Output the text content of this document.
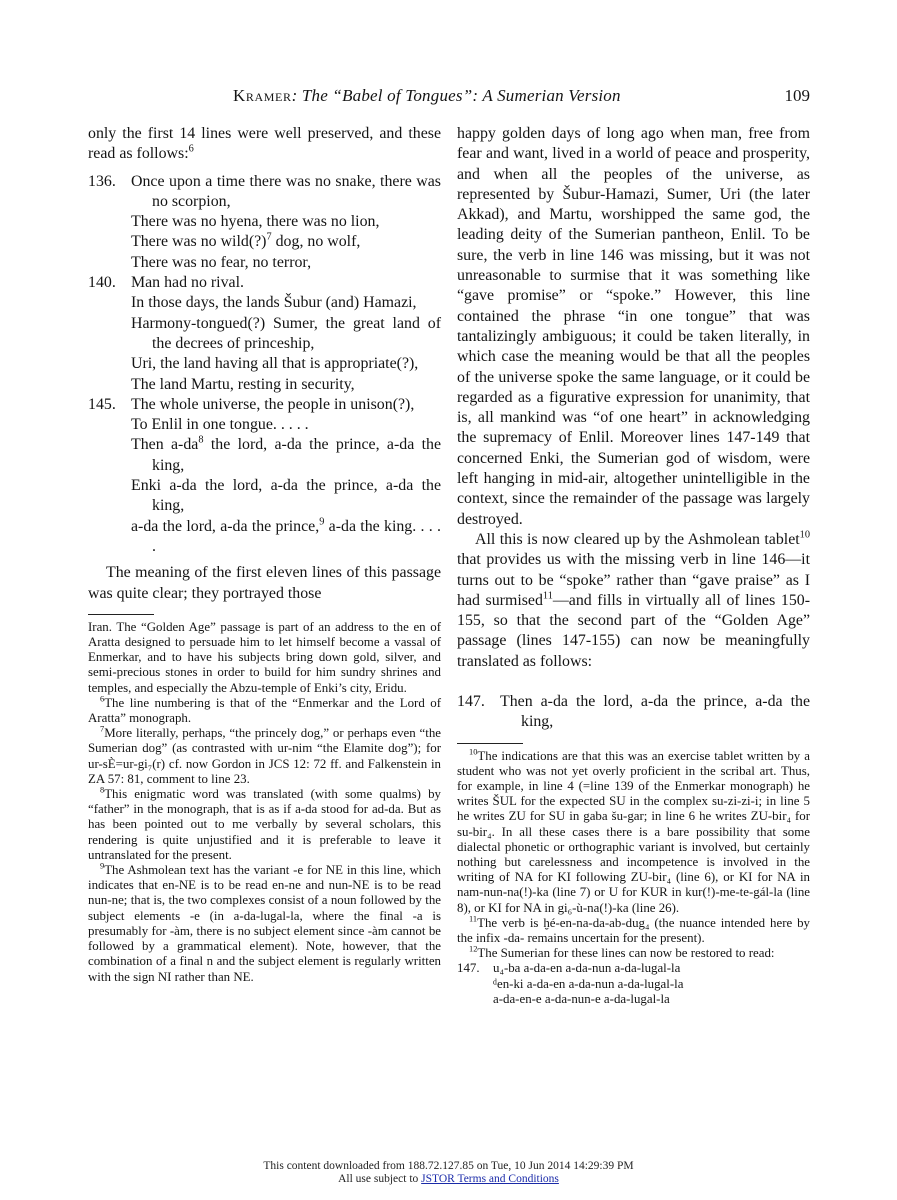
Kramer: The “Babel of Tongues”: A Sumerian Version	109

only the first 14 lines were well preserved, and these read as follows:$^6$

136. Once upon a time there was no snake, there was no scorpion,
There was no hyena, there was no lion,
There was no wild(?)$^7$ dog, no wolf,
There was no fear, no terror,
140. Man had no rival.
In those days, the lands Šubur (and) Hamazi,
Harmony-tongued(?) Sumer, the great land of the decrees of princeship,
Uri, the land having all that is appropriate(?),
The land Martu, resting in security,
145. The whole universe, the people in unison(?),
To Enlil in one tongue. . . . .
Then $a-da^8$ the lord, a-da the prince, a-da the king,
Enki a-da the lord, a-da the prince, a-da the king,
a-da the lord, a-da the prince,$^9$ a-da the king. . . . .

The meaning of the first eleven lines of this passage was quite clear; they portrayed those

Iran. The “Golden Age” passage is part of an address to the en of Aratta designed to persuade him to let himself become a vassal of Enmerkar, and to have his subjects bring down gold, silver, and semi-precious stones in order to build for him sundry shrines and temples, and especially the Abzu-temple of Enki’s city, Eridu.

$^6$The line numbering is that of the “Enmerkar and the Lord of Aratta” monograph.

$^7$More literally, perhaps, “the princely dog,” or perhaps even “the Sumerian dog” (as contrasted with ur-nim “the Elamite dog”); for ur-sÈ=ur-gi₇(r) cf. now Gordon in JCS 12: 72 ff. and Falkenstein in ZA 57: 81, comment to line 23.

$^8$This enigmatic word was translated (with some qualms) by “father” in the monograph, that is as if a-da stood for ad-da. But as has been pointed out to me verbally by several scholars, this rendering is quite unjustified and it is preferable to leave it untranslated for the present.

$^9$The Ashmolean text has the variant -e for NE in this line, which indicates that en-NE is to be read en-ne and nun-NE is to be read nun-ne; that is, the two complexes consist of a noun followed by the subject elements -e (in a-da-lugal-la, where the final -a is presumably for -àm, there is no subject element since -àm cannot be followed by a grammatical element). Note, however, that the combination of a final n and the subject element is regularly written with the sign NI rather than NE.

happy golden days of long ago when man, free from fear and want, lived in a world of peace and prosperity, and when all the peoples of the universe, as represented by Šubur-Hamazi, Sumer, Uri (the later Akkad), and Martu, worshipped the same god, the leading deity of the Sumerian pantheon, Enlil. To be sure, the verb in line 146 was missing, but it was not unreasonable to surmise that it was something like “gave promise” or “spoke.” However, this line contained the phrase “in one tongue” that was tantalizingly ambiguous; it could be taken literally, in which case the meaning would be that all the peoples of the universe spoke the same language, or it could be regarded as a figurative expression for unanimity, that is, all mankind was “of one heart” in acknowledging the supremacy of Enlil. Moreover lines 147-149 that concerned Enki, the Sumerian god of wisdom, were left hanging in mid-air, altogether unintelligible in the context, since the remainder of the passage was largely destroyed.

All this is now cleared up by the Ashmolean tablet$^{10}$ that provides us with the missing verb in line 146—it turns out to be “spoke” rather than “gave praise” as I had surmised$^{11}$—and fills in virtually all of lines 150-155, so that the second part of the “Golden Age” passage (lines 147-155) can now be meaningfully translated as follows:

147. Then a-da the lord, a-da the prince, a-da the king,

$^{10}$The indications are that this was an exercise tablet written by a student who was not yet overly proficient in the scribal art. Thus, for example, in line 4 (=line 139 of the Enmerkar monograph) he writes ŠUL for the expected SU in the complex su-zi-zi-i; in line 5 he writes ZU for SU in gaba šu-gar; in line 6 he writes ZU-bir₄ for su-bir₄. In all these cases there is a bare possibility that some dialectal phonetic or orthographic variant is involved, but certainly nothing but carelessness and incompetence is involved in the writing of NA for KI following ZU-bir₄ (line 6), or KI for NA in nam-nun-na(!)-ka (line 7) or U for KUR in kur(!)-me-te-gál-la (line 8), or KI for NA in gi₆-ù-na(!)-ka (line 26).

$^{11}$The verb is ḫé-en-na-da-ab-dug₄ (the nuance intended here by the infix -da- remains uncertain for the present).

$^{12}$The Sumerian for these lines can now be restored to read:

147. u₄-ba a-da-en a-da-nun a-da-lugal-la
ᵈen-ki a-da-en a-da-nun a-da-lugal-la
a-da-en-e a-da-nun-e a-da-lugal-la
This content downloaded from 188.72.127.85 on Tue, 10 Jun 2014 14:29:39 PM
All use subject to JSTOR Terms and Conditions
